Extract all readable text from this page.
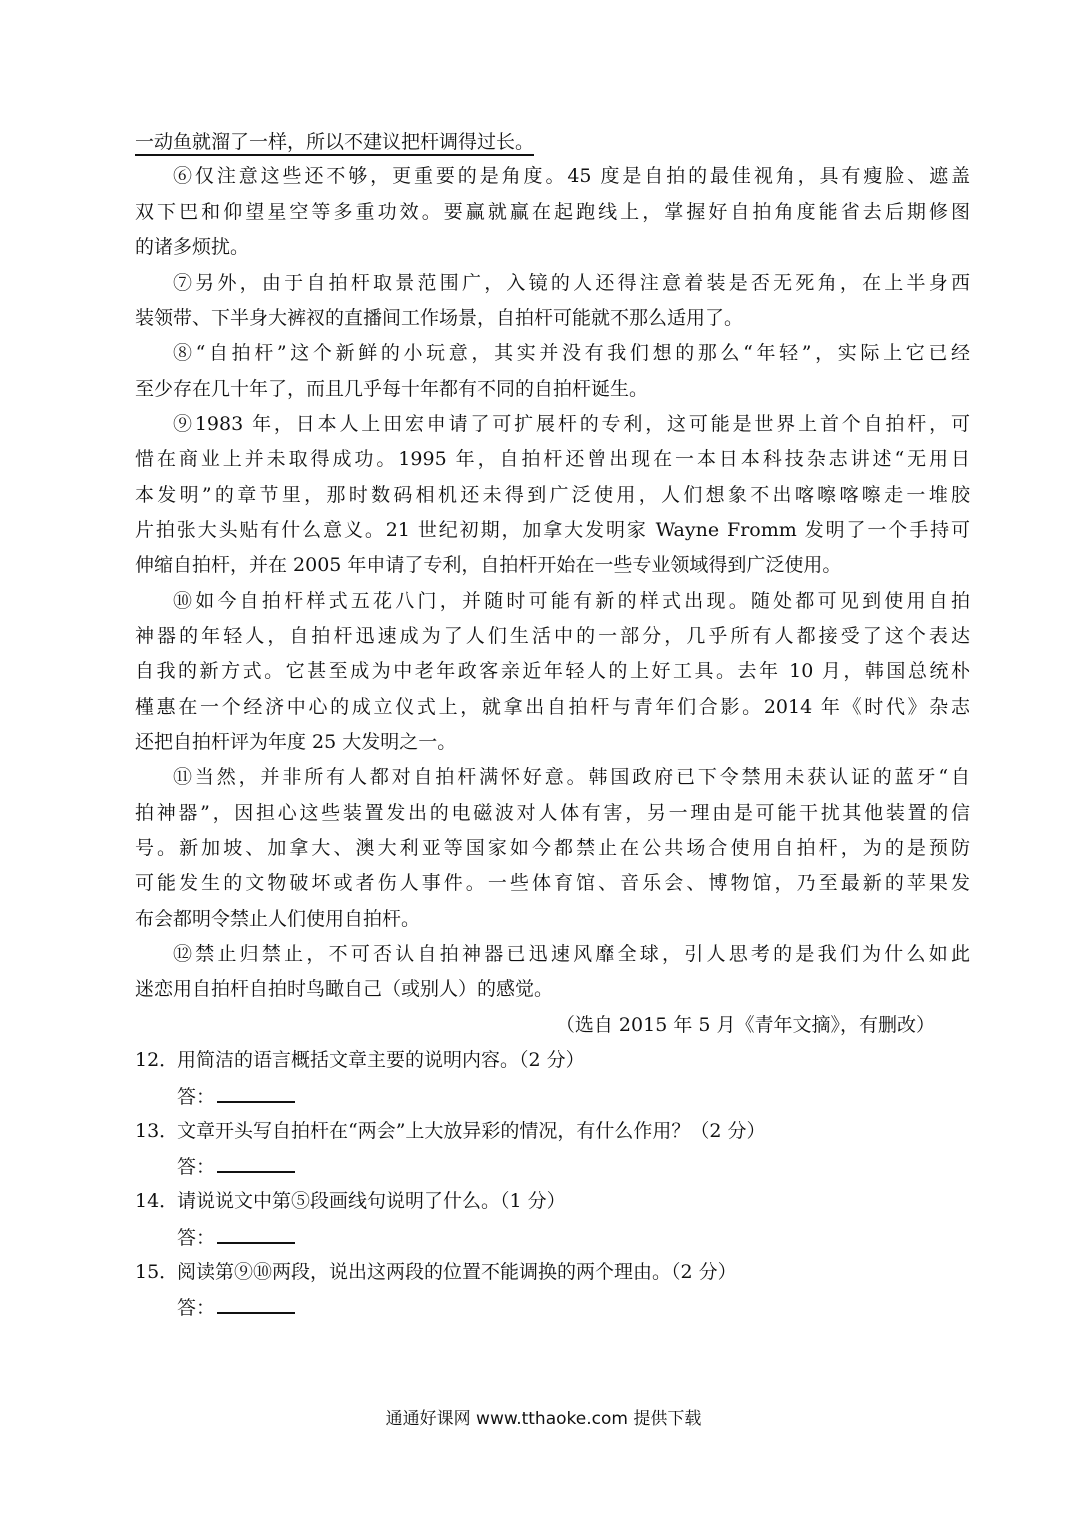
一动鱼就溜了一样，所以不建议把杆调得过长。
⑥仅注意这些还不够，更重要的是角度。45 度是自拍的最佳视角，具有瘦脸、遮盖
双下巴和仰望星空等多重功效。要赢就赢在起跑线上，掌握好自拍角度能省去后期修图
的诸多烦扰。
⑦另外，由于自拍杆取景范围广，入镜的人还得注意着装是否无死角，在上半身西
装领带、下半身大裤衩的直播间工作场景，自拍杆可能就不那么适用了。
⑧“自拍杆”这个新鲜的小玩意，其实并没有我们想的那么“年轻”，实际上它已经
至少存在几十年了，而且几乎每十年都有不同的自拍杆诞生。
⑨1983 年，日本人上田宏申请了可扩展杆的专利，这可能是世界上首个自拍杆，可
惜在商业上并未取得成功。1995 年，自拍杆还曾出现在一本日本科技杂志讲述“无用日
本发明”的章节里，那时数码相机还未得到广泛使用，人们想象不出喀嚓喀嚓走一堆胶
片拍张大头贴有什么意义。21 世纪初期，加拿大发明家 Wayne Fromm 发明了一个手持可
伸缩自拍杆，并在 2005 年申请了专利，自拍杆开始在一些专业领域得到广泛使用。
⑩如今自拍杆样式五花八门，并随时可能有新的样式出现。随处都可见到使用自拍
神器的年轻人，自拍杆迅速成为了人们生活中的一部分，几乎所有人都接受了这个表达
自我的新方式。它甚至成为中老年政客亲近年轻人的上好工具。去年 10 月，韩国总统朴
槿惠在一个经济中心的成立仪式上，就拿出自拍杆与青年们合影。2014 年《时代》杂志
还把自拍杆评为年度 25 大发明之一。
⑪当然，并非所有人都对自拍杆满怀好意。韩国政府已下令禁用未获认证的蓝牙“自
拍神器”，因担心这些装置发出的电磁波对人体有害，另一理由是可能干扰其他装置的信
号。新加坡、加拿大、澳大利亚等国家如今都禁止在公共场合使用自拍杆，为的是预防
可能发生的文物破坏或者伤人事件。一些体育馆、音乐会、博物馆，乃至最新的苹果发
布会都明令禁止人们使用自拍杆。
⑫禁止归禁止，不可否认自拍神器已迅速风靡全球，引人思考的是我们为什么如此
迷恋用自拍杆自拍时鸟瞰自己（或别人）的感觉。
（选自 2015 年 5 月《青年文摘》，有删改）
12．用简洁的语言概括文章主要的说明内容。（2 分）
答：
13．文章开头写自拍杆在“两会”上大放异彩的情况，有什么作用？（2 分）
答：
14．请说说文中第⑤段画线句说明了什么。（1 分）
答：
15．阅读第⑨⑩两段，说出这两段的位置不能调换的两个理由。（2 分）
答：
通通好课网 www.tthaoke.com 提供下载
